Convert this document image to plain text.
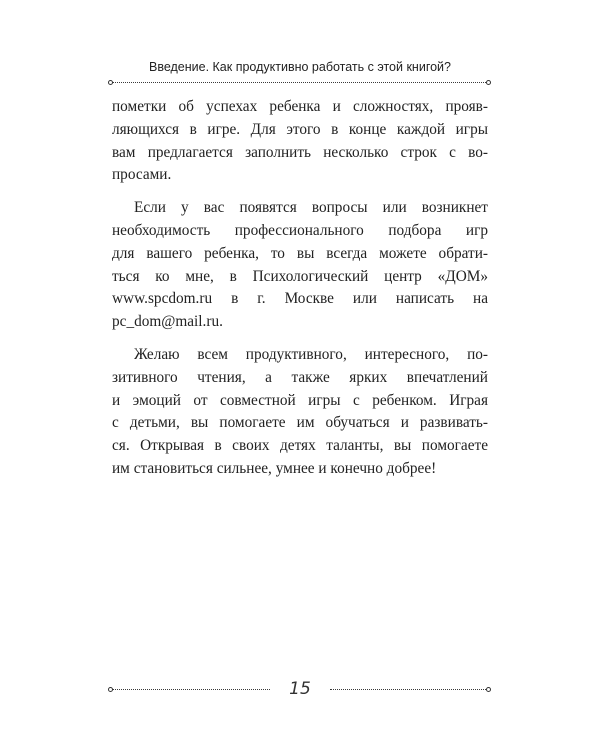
Введение. Как продуктивно работать с этой книгой?

пометки об успехах ребенка и сложностях, прояв-
ляющихся в игре. Для этого в конце каждой игры
вам предлагается заполнить несколько строк с во-
просами.

Если у вас появятся вопросы или возникнет
необходимость профессионального подбора игр
для вашего ребенка, то вы всегда можете обрати-
ться ко мне, в Психологический центр «ДОМ»
www.spcdom.ru в г. Москве или написать на
pc_dom@mail.ru.

Желаю всем продуктивного, интересного, по-
зитивного чтения, а также ярких впечатлений
и эмоций от совместной игры с ребенком. Играя
с детьми, вы помогаете им обучаться и развивать-
ся. Открывая в своих детях таланты, вы помогаете
им становиться сильнее, умнее и конечно добрее!

15
